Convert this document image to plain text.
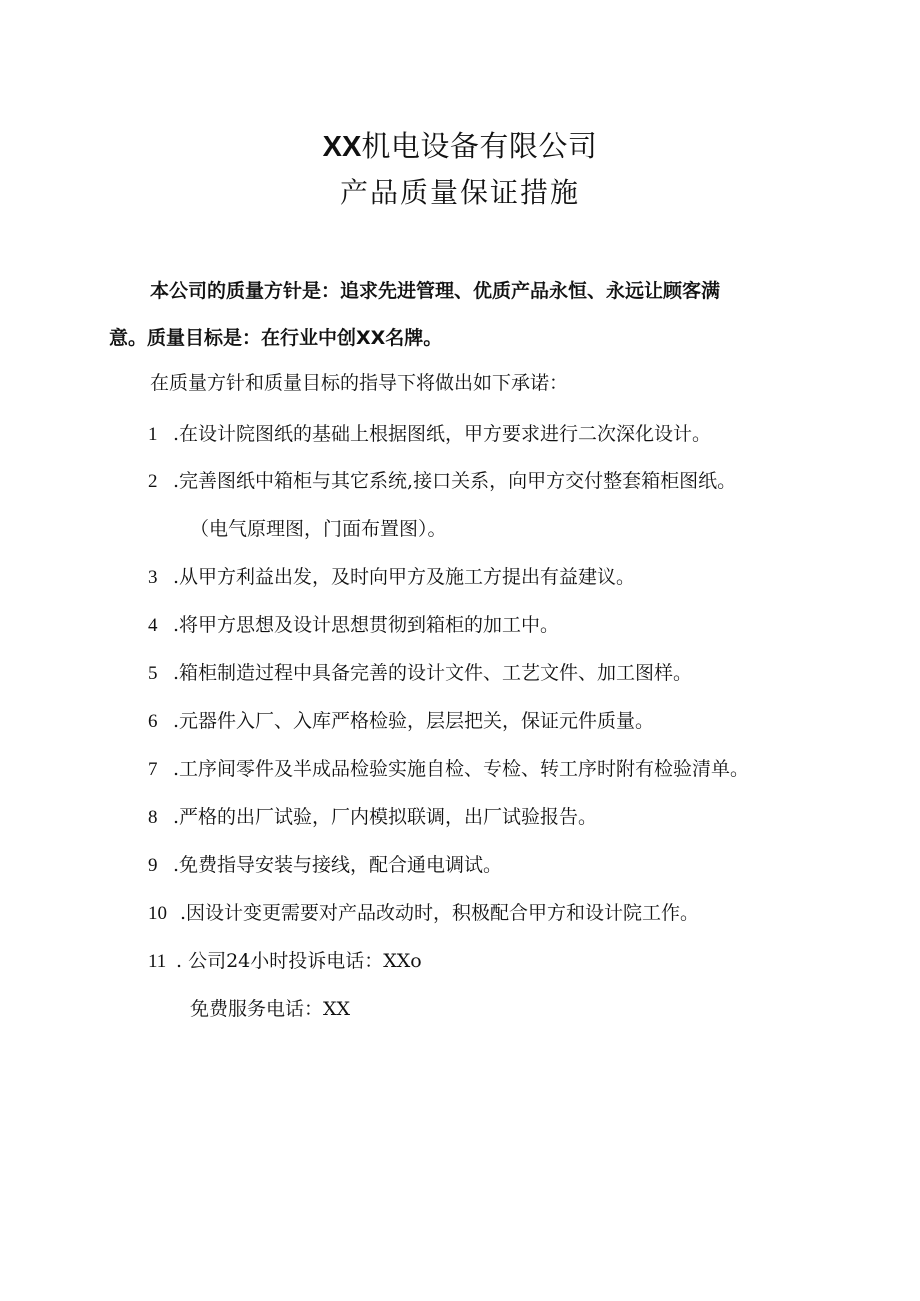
XX机电设备有限公司
产品质量保证措施

本公司的质量方针是：追求先进管理、优质产品永恒、永远让顾客满
意。质量目标是：在行业中创XX名牌。

在质量方针和质量目标的指导下将做出如下承诺：

1 .在设计院图纸的基础上根据图纸，甲方要求进行二次深化设计。

2 .完善图纸中箱柜与其它系统,接口关系，向甲方交付整套箱柜图纸。

（电气原理图，门面布置图）。

3 .从甲方利益出发，及时向甲方及施工方提出有益建议。

4 .将甲方思想及设计思想贯彻到箱柜的加工中。

5 .箱柜制造过程中具备完善的设计文件、工艺文件、加工图样。

6 .元器件入厂、入库严格检验，层层把关，保证元件质量。

7 .工序间零件及半成品检验实施自检、专检、转工序时附有检验清单。

8 .严格的出厂试验，厂内模拟联调，出厂试验报告。

9 .免费指导安装与接线，配合通电调试。

10 .因设计变更需要对产品改动时，积极配合甲方和设计院工作。

11 . 公司24小时投诉电话：XXo

免费服务电话：XX
